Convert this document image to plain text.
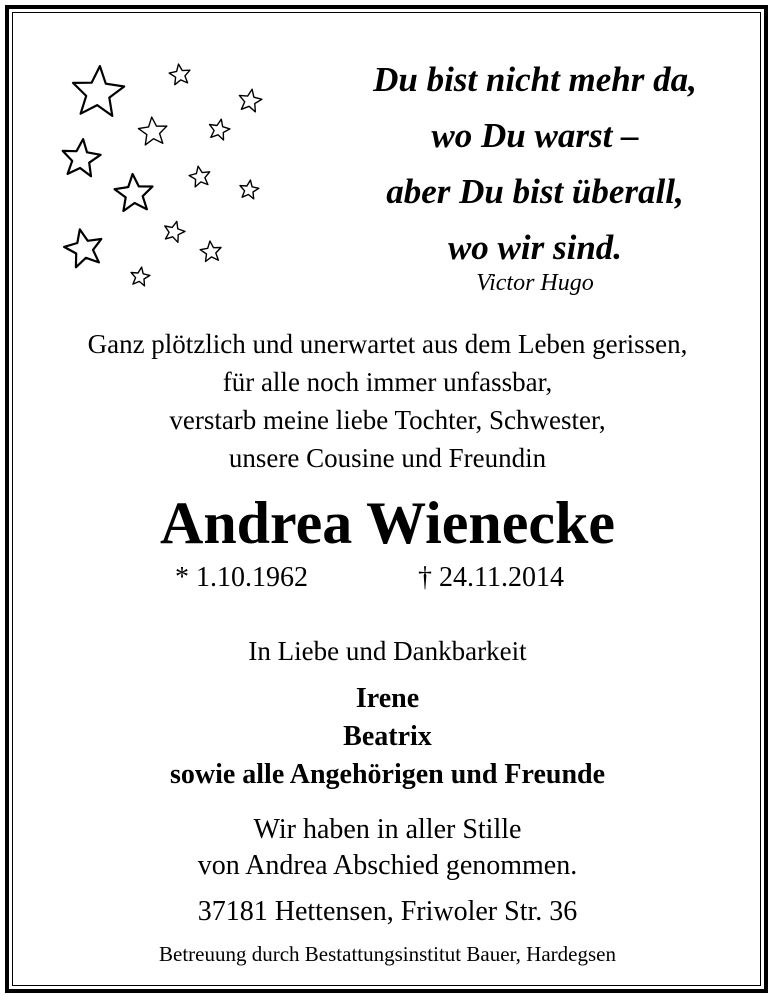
Du bist nicht mehr da,
wo Du warst –
aber Du bist überall,
wo wir sind.
Victor Hugo
Ganz plötzlich und unerwartet aus dem Leben gerissen,
für alle noch immer unfassbar,
verstarb meine liebe Tochter, Schwester,
unsere Cousine und Freundin
Andrea Wienecke
* 1.10.1962	† 24.11.2014
In Liebe und Dankbarkeit
Irene
Beatrix
sowie alle Angehörigen und Freunde
Wir haben in aller Stille
von Andrea Abschied genommen.
37181 Hettensen, Friwoler Str. 36
Betreuung durch Bestattungsinstitut Bauer, Hardegsen
